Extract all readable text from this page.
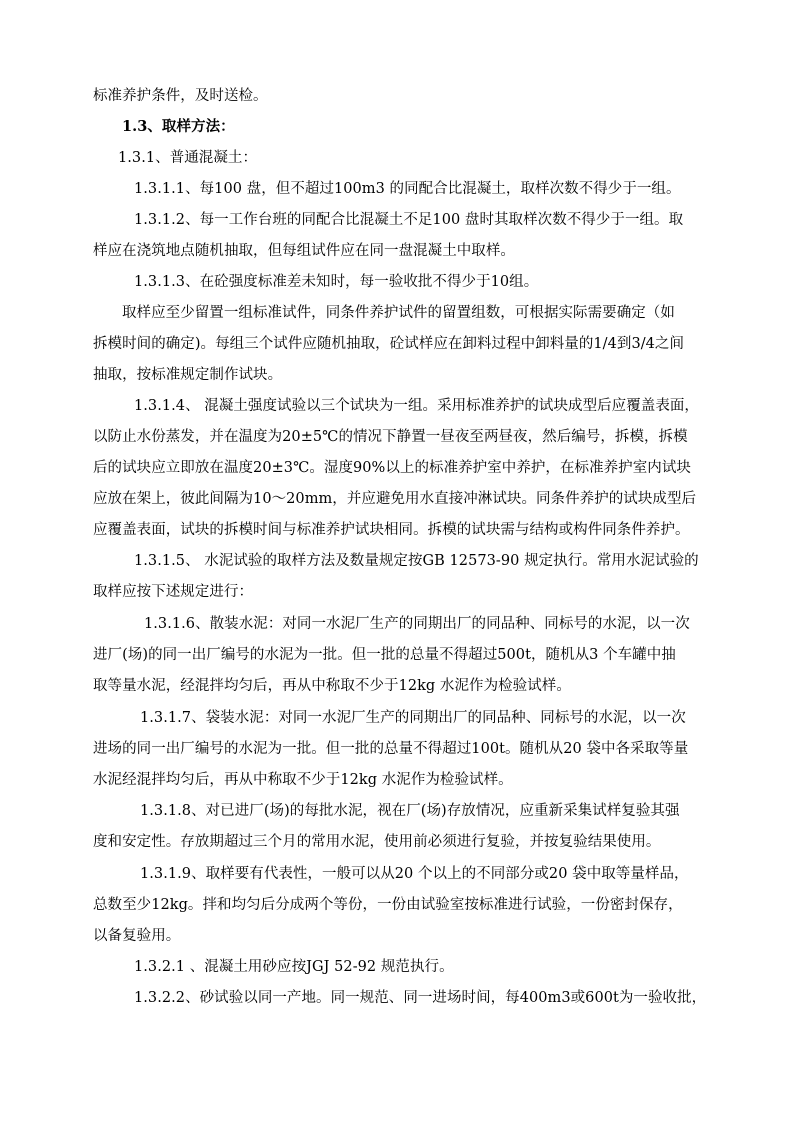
标准养护条件，及时送检。
1.3、取样方法：
1.3.1、普通混凝土：
1.3.1.1、每100 盘，但不超过100m3 的同配合比混凝土，取样次数不得少于一组。
1.3.1.2、每一工作台班的同配合比混凝土不足100 盘时其取样次数不得少于一组。取
样应在浇筑地点随机抽取，但每组试件应在同一盘混凝土中取样。
1.3.1.3、在砼强度标准差未知时，每一验收批不得少于10组。
取样应至少留置一组标准试件，同条件养护试件的留置组数，可根据实际需要确定（如
拆模时间的确定)。每组三个试件应随机抽取，砼试样应在卸料过程中卸料量的1/4到3/4之间
抽取，按标准规定制作试块。
1.3.1.4、 混凝土强度试验以三个试块为一组。采用标准养护的试块成型后应覆盖表面，
以防止水份蒸发，并在温度为20±5℃的情况下静置一昼夜至两昼夜，然后编号，拆模，拆模
后的试块应立即放在温度20±3℃。湿度90%以上的标准养护室中养护，在标准养护室内试块
应放在架上，彼此间隔为10～20mm，并应避免用水直接冲淋试块。同条件养护的试块成型后
应覆盖表面，试块的拆模时间与标准养护试块相同。拆模的试块需与结构或构件同条件养护。
1.3.1.5、 水泥试验的取样方法及数量规定按GB 12573-90 规定执行。常用水泥试验的
取样应按下述规定进行：
1.3.1.6、散装水泥：对同一水泥厂生产的同期出厂的同品种、同标号的水泥，以一次
进厂(场)的同一出厂编号的水泥为一批。但一批的总量不得超过500t，随机从3 个车罐中抽
取等量水泥，经混拌均匀后，再从中称取不少于12kg 水泥作为检验试样。
1.3.1.7、袋装水泥：对同一水泥厂生产的同期出厂的同品种、同标号的水泥，以一次
进场的同一出厂编号的水泥为一批。但一批的总量不得超过100t。随机从20 袋中各采取等量
水泥经混拌均匀后，再从中称取不少于12kg 水泥作为检验试样。
1.3.1.8、对已进厂(场)的每批水泥，视在厂(场)存放情况，应重新采集试样复验其强
度和安定性。存放期超过三个月的常用水泥，使用前必须进行复验，并按复验结果使用。
1.3.1.9、取样要有代表性，一般可以从20 个以上的不同部分或20 袋中取等量样品，
总数至少12kg。拌和均匀后分成两个等份，一份由试验室按标准进行试验，一份密封保存，
以备复验用。
1.3.2.1 、混凝土用砂应按JGJ 52-92 规范执行。
1.3.2.2、砂试验以同一产地。同一规范、同一进场时间，每400m3或600t为一验收批，
